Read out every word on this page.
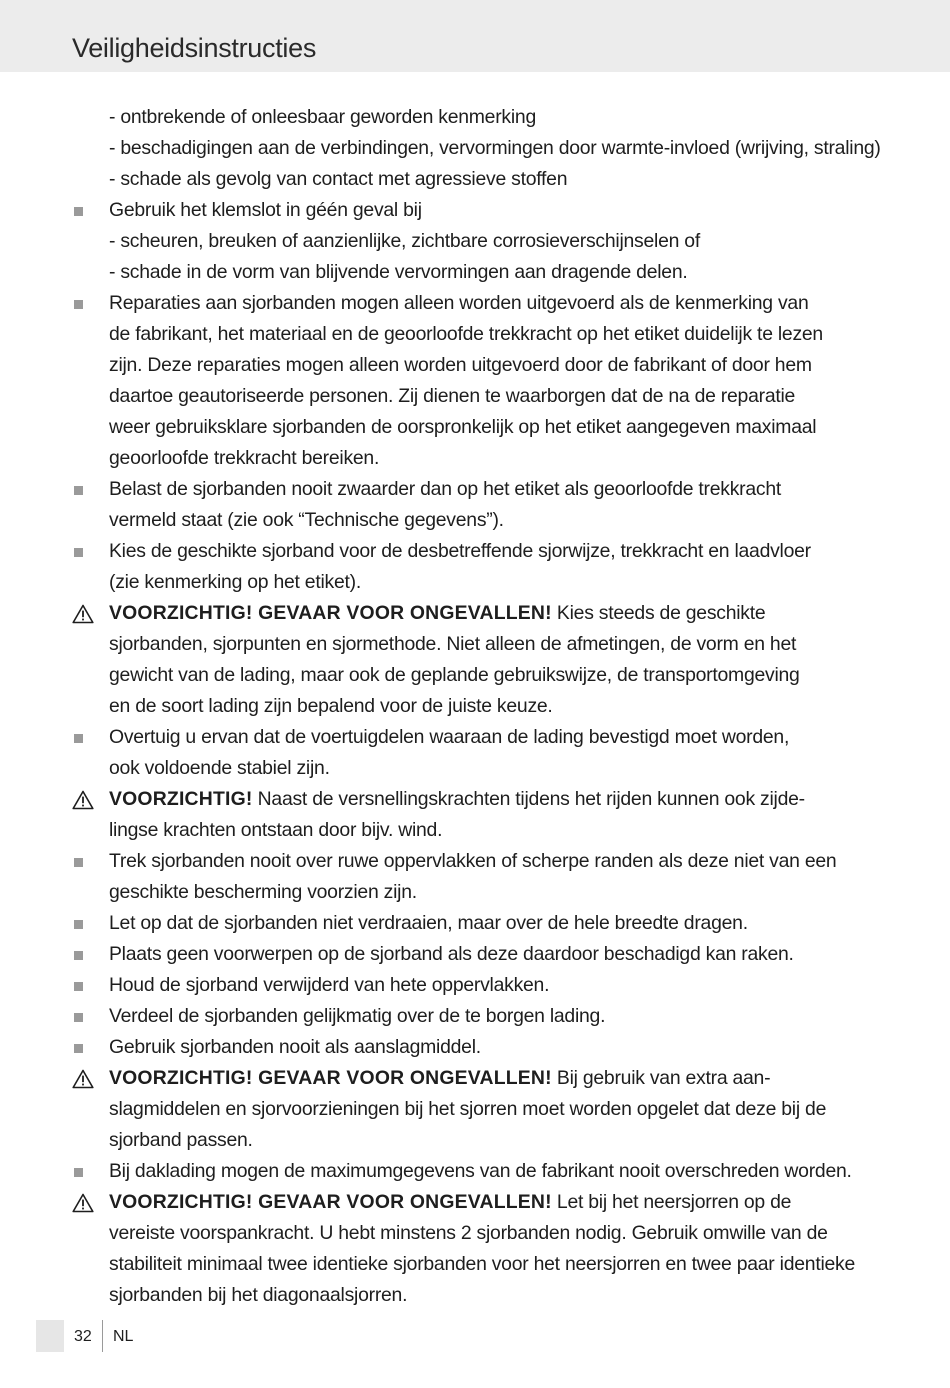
Veiligheidsinstructies
- ontbrekende of onleesbaar geworden kenmerking
- beschadigingen aan de verbindingen, vervormingen door warmte-invloed (wrijving, straling)
- schade als gevolg van contact met agressieve stoffen
Gebruik het klemslot in géén geval bij
- scheuren, breuken of aanzienlijke, zichtbare corrosieverschijnselen of
- schade in de vorm van blijvende vervormingen aan dragende delen.
Reparaties aan sjorbanden mogen alleen worden uitgevoerd als de kenmerking van
de fabrikant, het materiaal en de geoorloofde trekkracht op het etiket duidelijk te lezen
zijn. Deze reparaties mogen alleen worden uitgevoerd door de fabrikant of door hem
daartoe geautoriseerde personen. Zij dienen te waarborgen dat de na de reparatie
weer gebruiksklare sjorbanden de oorspronkelijk op het etiket aangegeven maximaal
geoorloofde trekkracht bereiken.
Belast de sjorbanden nooit zwaarder dan op het etiket als geoorloofde trekkracht
vermeld staat (zie ook “Technische gegevens”).
Kies de geschikte sjorband voor de desbetreffende sjorwijze, trekkracht en laadvloer
(zie kenmerking op het etiket).
VOORZICHTIG! GEVAAR VOOR ONGEVALLEN! Kies steeds de geschikte
sjorbanden, sjorpunten en sjormethode. Niet alleen de afmetingen, de vorm en het
gewicht van de lading, maar ook de geplande gebruikswijze, de transportomgeving
en de soort lading zijn bepalend voor de juiste keuze.
Overtuig u ervan dat de voertuigdelen waaraan de lading bevestigd moet worden,
ook voldoende stabiel zijn.
VOORZICHTIG! Naast de versnellingskrachten tijdens het rijden kunnen ook zijde-
lingse krachten ontstaan door bijv. wind.
Trek sjorbanden nooit over ruwe oppervlakken of scherpe randen als deze niet van een
geschikte bescherming voorzien zijn.
Let op dat de sjorbanden niet verdraaien, maar over de hele breedte dragen.
Plaats geen voorwerpen op de sjorband als deze daardoor beschadigd kan raken.
Houd de sjorband verwijderd van hete oppervlakken.
Verdeel de sjorbanden gelijkmatig over de te borgen lading.
Gebruik sjorbanden nooit als aanslagmiddel.
VOORZICHTIG! GEVAAR VOOR ONGEVALLEN! Bij gebruik van extra aan-
slagmiddelen en sjorvoorzieningen bij het sjorren moet worden opgelet dat deze bij de
sjorband passen.
Bij daklading mogen de maximumgegevens van de fabrikant nooit overschreden worden.
VOORZICHTIG! GEVAAR VOOR ONGEVALLEN! Let bij het neersjorren op de
vereiste voorspankracht. U hebt minstens 2 sjorbanden nodig. Gebruik omwille van de
stabiliteit minimaal twee identieke sjorbanden voor het neersjorren en twee paar identieke
sjorbanden bij het diagonaalsjorren.
32 NL
